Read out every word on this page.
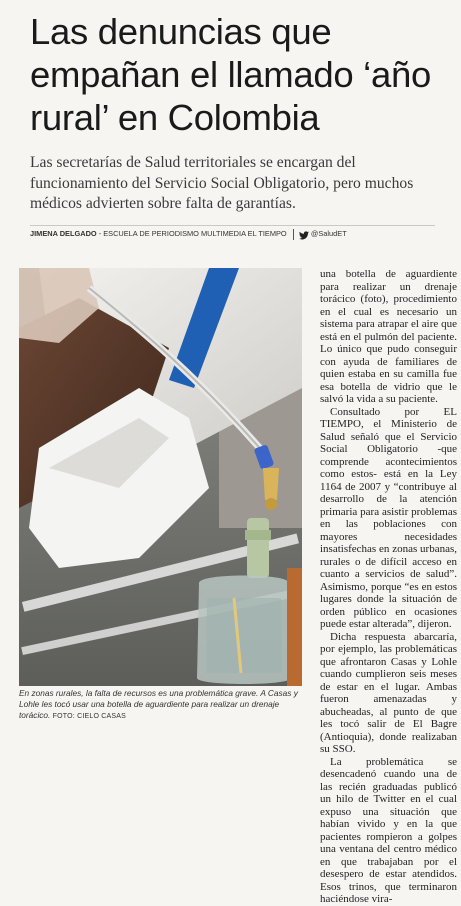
Las denuncias que empañan el llamado ‘año rural’ en Colombia

Las secretarías de Salud territoriales se encargan del funcionamiento del Servicio Social Obligatorio, pero muchos médicos advierten sobre falta de garantías.

JIMENA DELGADO - ESCUELA DE PERIODISMO MULTIMEDIA EL TIEMPO	@SaludET

En zonas rurales, la falta de recursos es una problemática grave. A Casas y Lohle les tocó usar una botella de aguardiente para realizar un drenaje torácico. FOTO: CIELO CASAS

una botella de aguardiente para realizar un drenaje torácico (foto), procedimiento en el cual es necesario un sistema para atrapar el aire que está en el pulmón del paciente. Lo único que pudo conseguir con ayuda de familiares de quien estaba en su camilla fue esa botella de vidrio que le salvó la vida a su paciente.

Consultado por EL TIEMPO, el Ministerio de Salud señaló que el Servicio Social Obligatorio -que comprende acontecimientos como estos- está en la Ley 1164 de 2007 y “contribuye al desarrollo de la atención primaria para asistir problemas en las poblaciones con mayores necesidades insatisfechas en zonas urbanas, rurales o de difícil acceso en cuanto a servicios de salud”. Asimismo, porque “es en estos lugares donde la situación de orden público en ocasiones puede estar alterada”, dijeron.

Dicha respuesta abarcaría, por ejemplo, las problemáticas que afrontaron Casas y Lohle cuando cumplieron seis meses de estar en el lugar. Ambas fueron amenazadas y abucheadas, al punto de que les tocó salir de El Bagre (Antioquia), donde realizaban su SSO.

La problemática se desencadenó cuando una de las recién graduadas publicó un hilo de Twitter en el cual expuso una situación que habían vivido y en la que pacientes rompieron a golpes una ventana del centro médico en que trabajaban por el desespero de estar atendidos. Esos trinos, que terminaron haciéndose vira-
